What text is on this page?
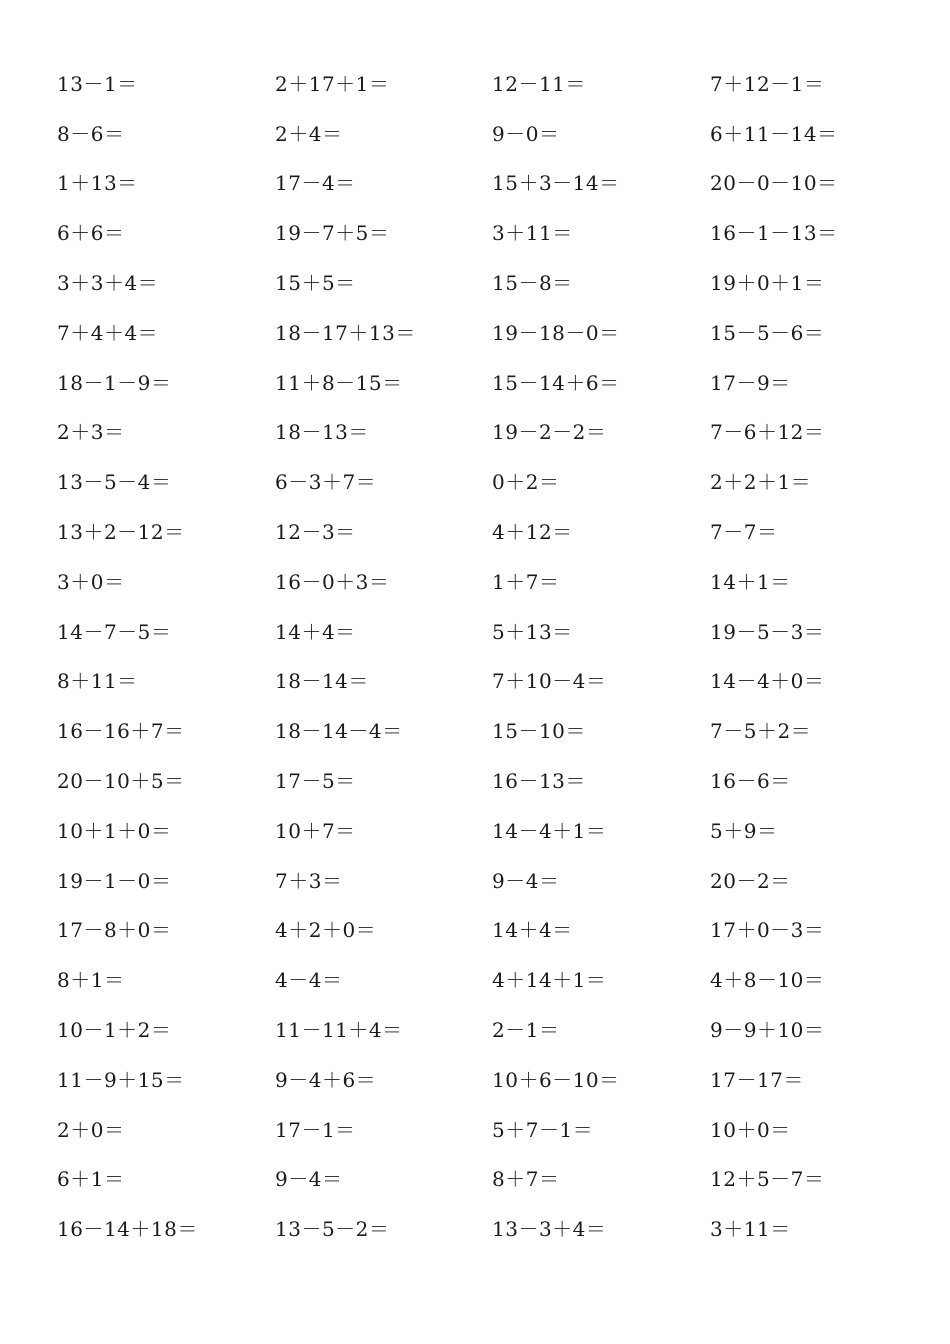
13－1＝	2＋17＋1＝	12－11＝	7＋12－1＝
8－6＝	2＋4＝	9－0＝	6＋11－14＝
1＋13＝	17－4＝	15＋3－14＝	20－0－10＝
6＋6＝	19－7＋5＝	3＋11＝	16－1－13＝
3＋3＋4＝	15＋5＝	15－8＝	19＋0＋1＝
7＋4＋4＝	18－17＋13＝	19－18－0＝	15－5－6＝
18－1－9＝	11＋8－15＝	15－14＋6＝	17－9＝
2＋3＝	18－13＝	19－2－2＝	7－6＋12＝
13－5－4＝	6－3＋7＝	0＋2＝	2＋2＋1＝
13＋2－12＝	12－3＝	4＋12＝	7－7＝
3＋0＝	16－0＋3＝	1＋7＝	14＋1＝
14－7－5＝	14＋4＝	5＋13＝	19－5－3＝
8＋11＝	18－14＝	7＋10－4＝	14－4＋0＝
16－16＋7＝	18－14－4＝	15－10＝	7－5＋2＝
20－10＋5＝	17－5＝	16－13＝	16－6＝
10＋1＋0＝	10＋7＝	14－4＋1＝	5＋9＝
19－1－0＝	7＋3＝	9－4＝	20－2＝
17－8＋0＝	4＋2＋0＝	14＋4＝	17＋0－3＝
8＋1＝	4－4＝	4＋14＋1＝	4＋8－10＝
10－1＋2＝	11－11＋4＝	2－1＝	9－9＋10＝
11－9＋15＝	9－4＋6＝	10＋6－10＝	17－17＝
2＋0＝	17－1＝	5＋7－1＝	10＋0＝
6＋1＝	9－4＝	8＋7＝	12＋5－7＝
16－14＋18＝	13－5－2＝	13－3＋4＝	3＋11＝
